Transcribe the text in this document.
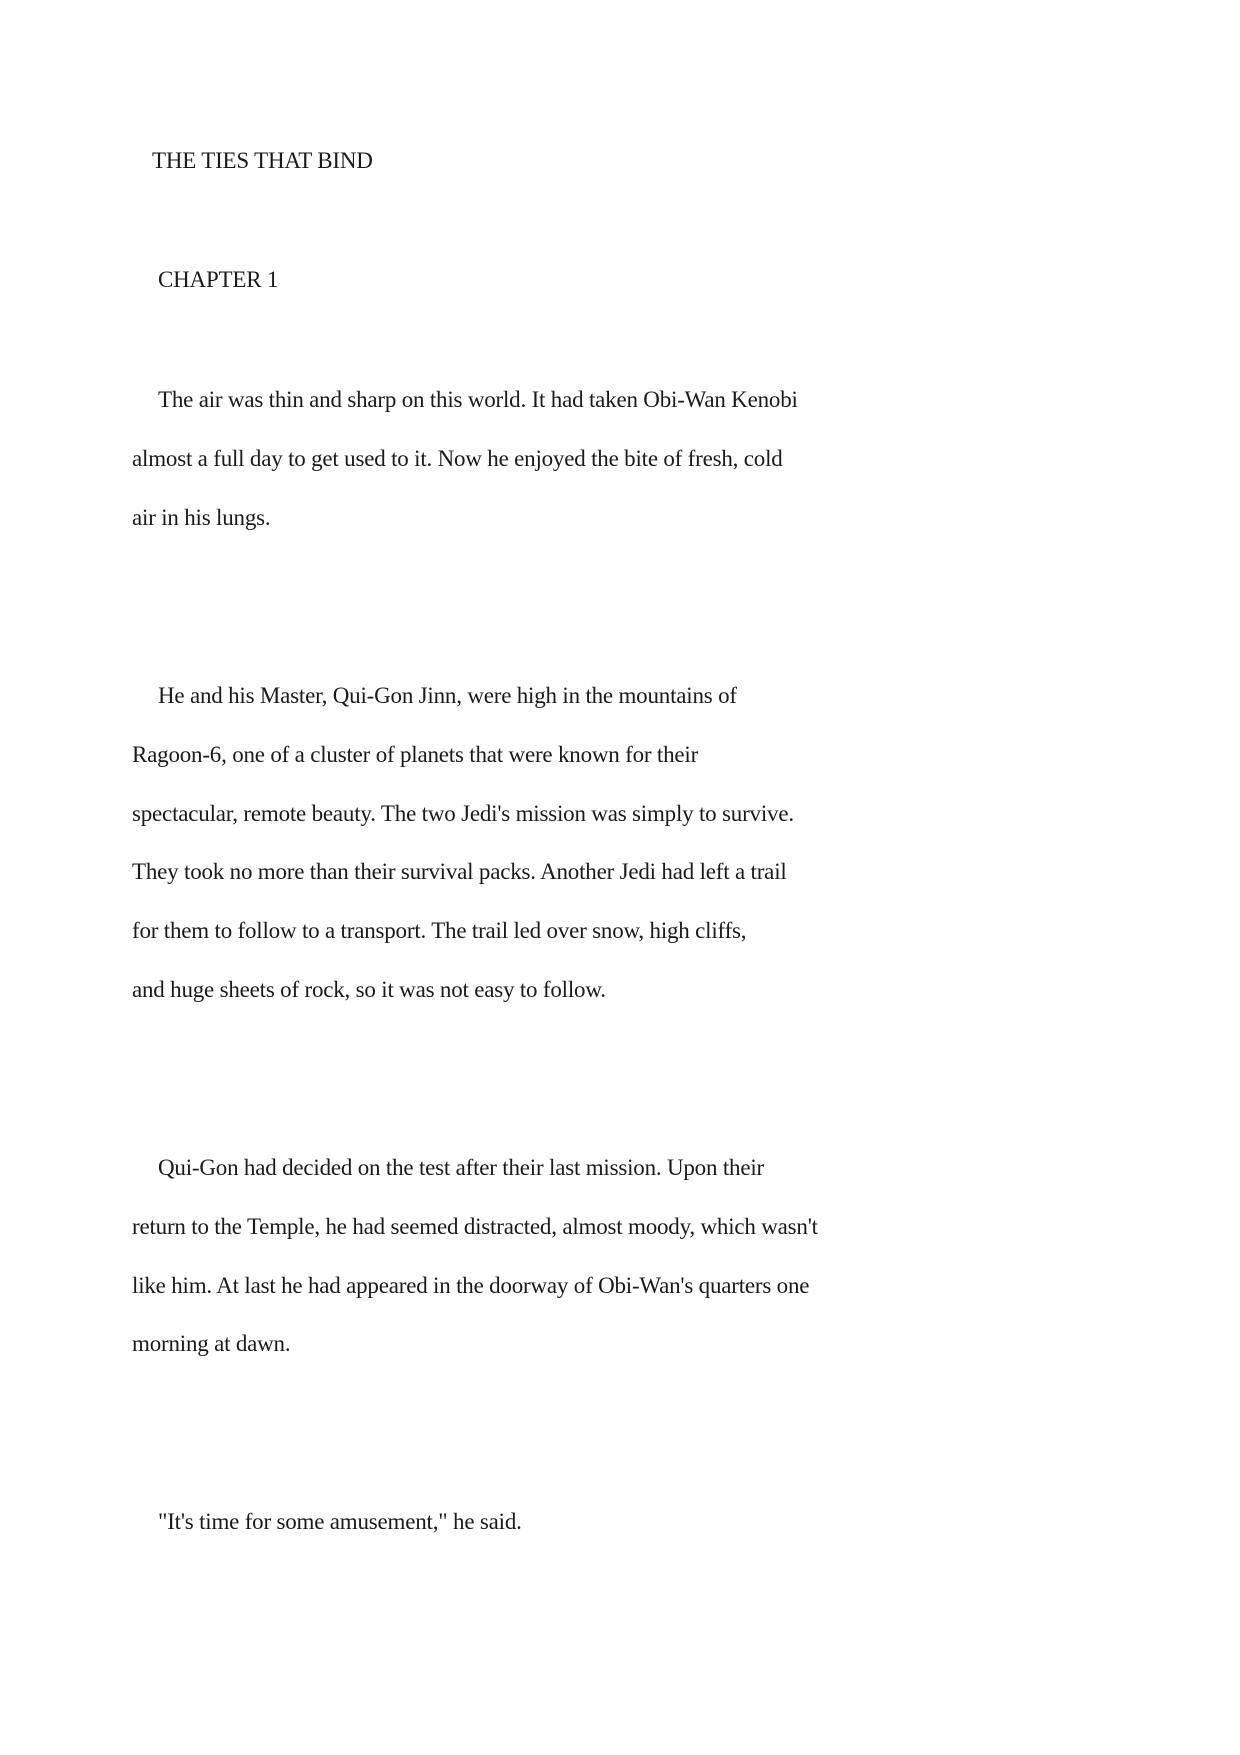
THE TIES THAT BIND
CHAPTER 1
The air was thin and sharp on this world. It had taken Obi-Wan Kenobi
almost a full day to get used to it. Now he enjoyed the bite of fresh, cold
air in his lungs.
He and his Master, Qui-Gon Jinn, were high in the mountains of
Ragoon-6, one of a cluster of planets that were known for their
spectacular, remote beauty. The two Jedi's mission was simply to survive.
They took no more than their survival packs. Another Jedi had left a trail
for them to follow to a transport. The trail led over snow, high cliffs,
and huge sheets of rock, so it was not easy to follow.
Qui-Gon had decided on the test after their last mission. Upon their
return to the Temple, he had seemed distracted, almost moody, which wasn't
like him. At last he had appeared in the doorway of Obi-Wan's quarters one
morning at dawn.
"It's time for some amusement," he said.
